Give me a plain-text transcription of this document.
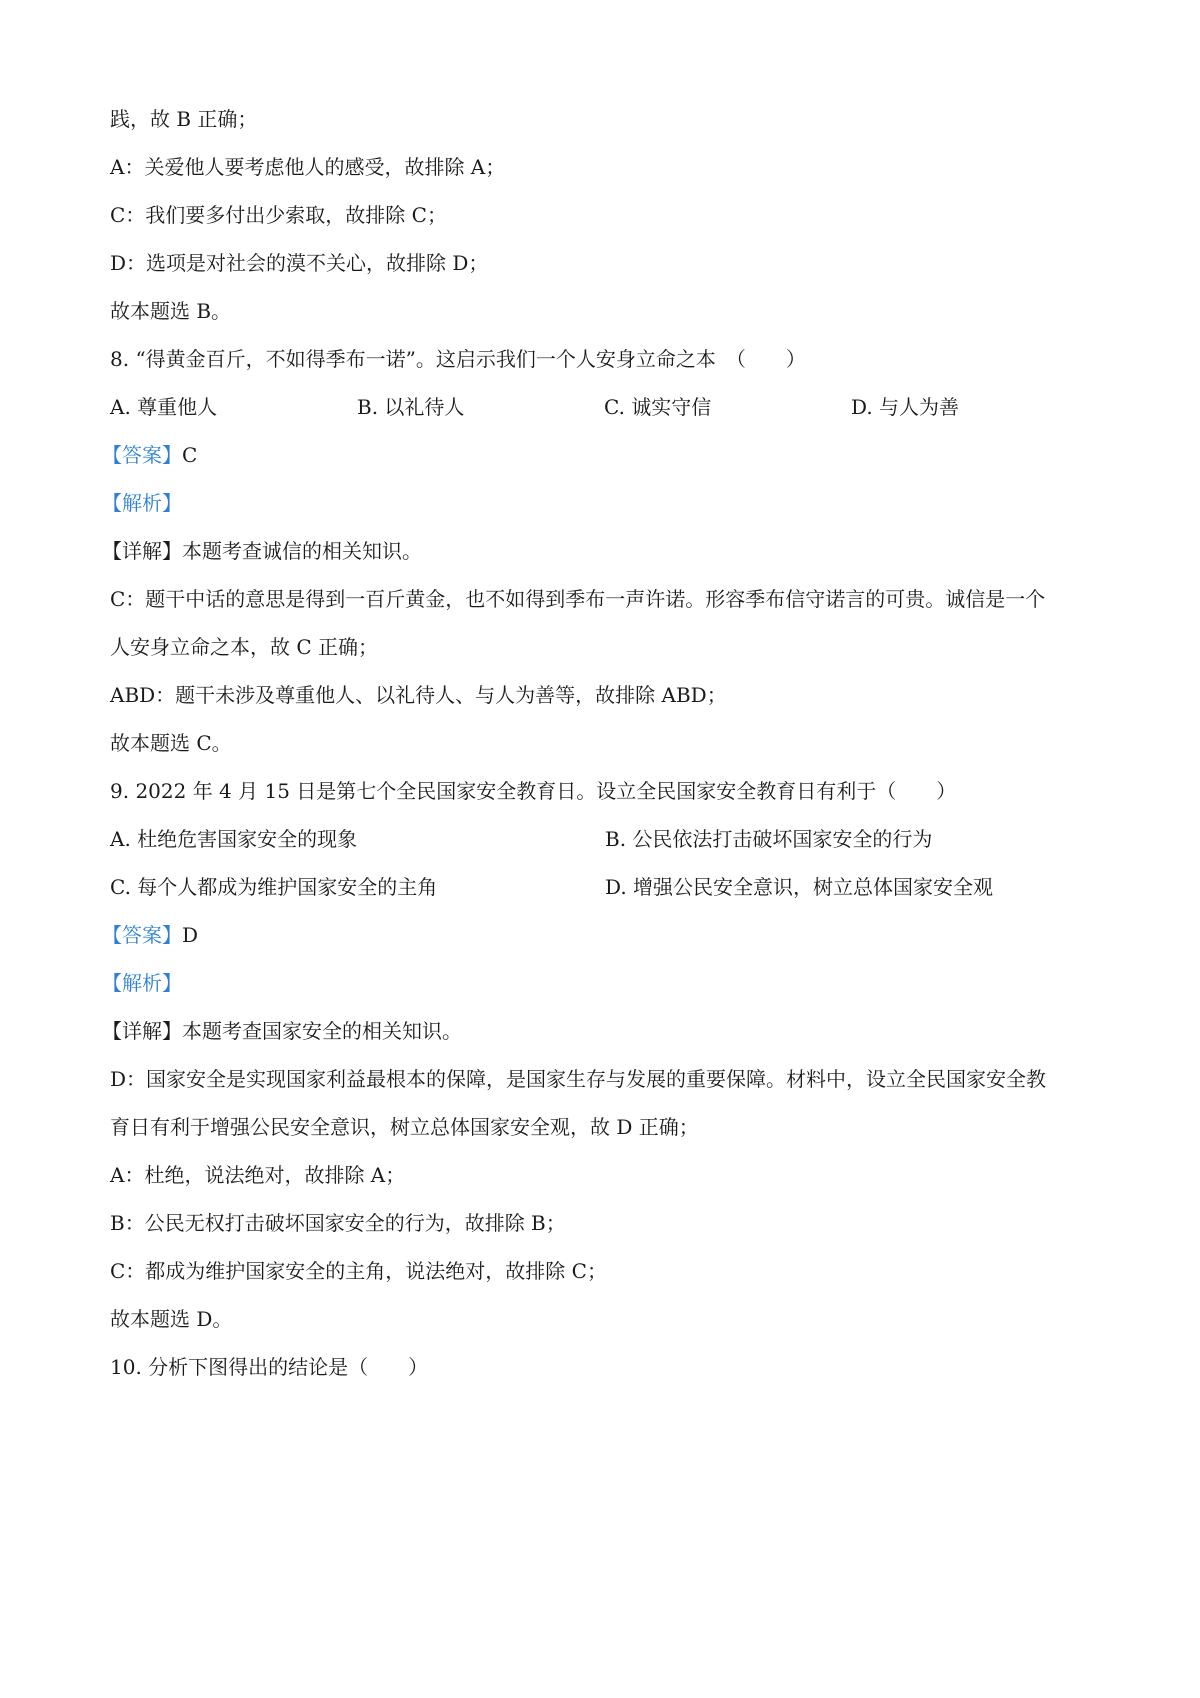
践，故 B 正确；
A：关爱他人要考虑他人的感受，故排除 A；
C：我们要多付出少索取，故排除 C；
D：选项是对社会的漠不关心，故排除 D；
故本题选 B。
8. “得黄金百斤，不如得季布一诺”。这启示我们一个人安身立命之本　（　　）
A. 尊重他人	B. 以礼待人	C. 诚实守信	D. 与人为善
【答案】C
【解析】
【详解】本题考查诚信的相关知识。
C：题干中话的意思是得到一百斤黄金，也不如得到季布一声许诺。形容季布信守诺言的可贵。诚信是一个
人安身立命之本，故 C 正确；
ABD：题干未涉及尊重他人、以礼待人、与人为善等，故排除 ABD；
故本题选 C。
9. 2022 年 4 月 15 日是第七个全民国家安全教育日。设立全民国家安全教育日有利于（　　）
A. 杜绝危害国家安全的现象	B. 公民依法打击破坏国家安全的行为
C. 每个人都成为维护国家安全的主角	D. 增强公民安全意识，树立总体国家安全观
【答案】D
【解析】
【详解】本题考查国家安全的相关知识。
D：国家安全是实现国家利益最根本的保障，是国家生存与发展的重要保障。材料中，设立全民国家安全教
育日有利于增强公民安全意识，树立总体国家安全观，故 D 正确；
A：杜绝，说法绝对，故排除 A；
B：公民无权打击破坏国家安全的行为，故排除 B；
C：都成为维护国家安全的主角，说法绝对，故排除 C；
故本题选 D。
10. 分析下图得出的结论是（　　）
